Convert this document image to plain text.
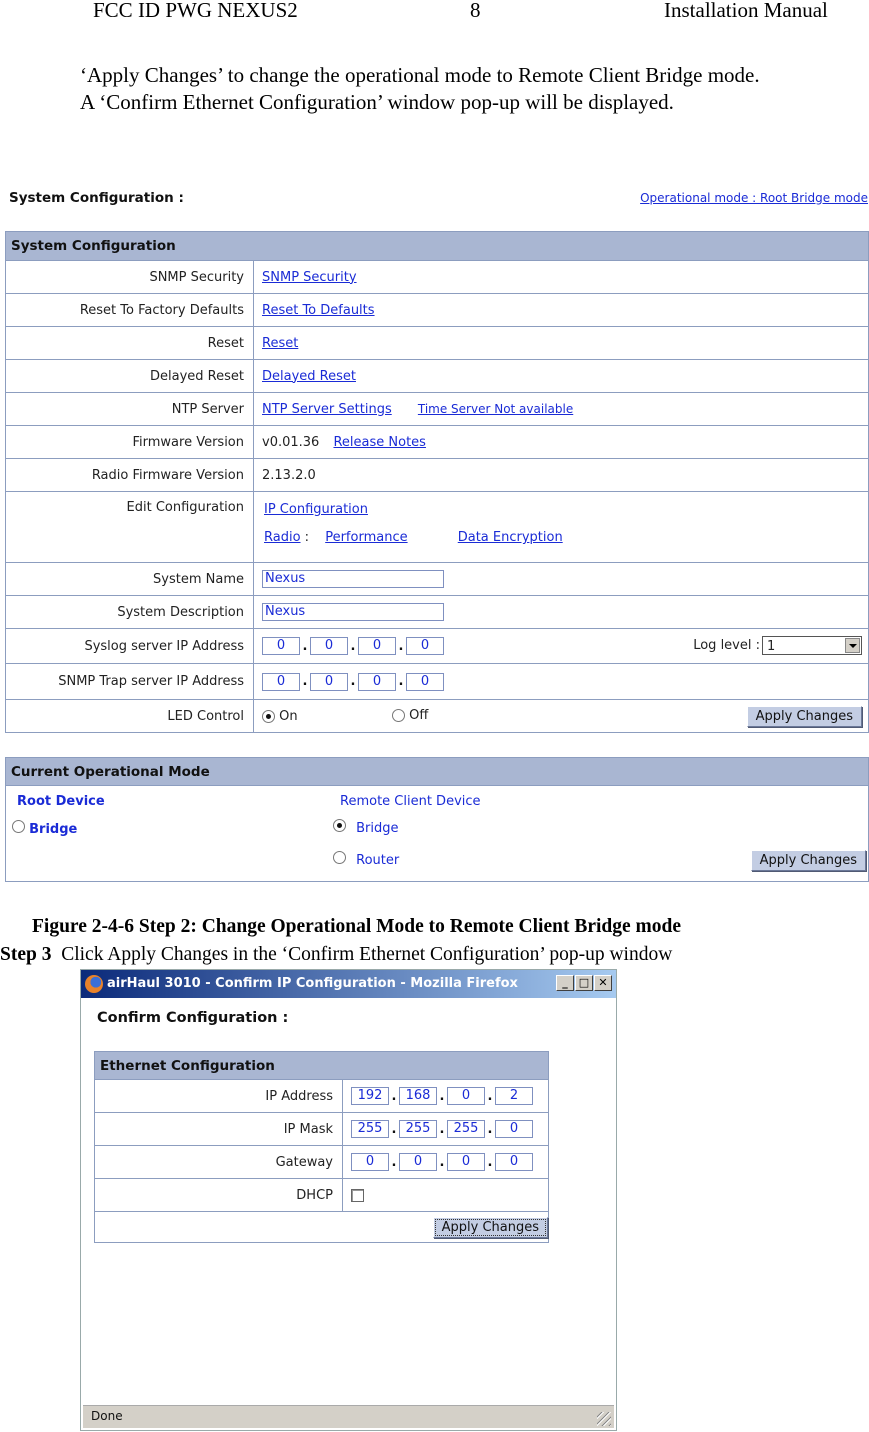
FCC ID PWG NEXUS2	8	Installation Manual
‘Apply Changes’ to change the operational mode to Remote Client Bridge mode.
A ‘Confirm Ethernet Configuration’ window pop-up will be displayed.
System Configuration :	Operational mode : Root Bridge mode
System Configuration	
SNMP Security	SNMP Security
Reset To Factory Defaults	Reset To Defaults
Reset	Reset
Delayed Reset	Delayed Reset
NTP Server	NTP Server Settings Time Server Not available
Firmware Version	v0.01.36 Release Notes
Radio Firmware Version	2.13.2.0
Edit Configuration	IP Configuration
Radio : Performance Data Encryption

System Name	Nexus
System Description	Nexus
Syslog server IP Address	0 . 0 . 0 . 0 Log level : 1

SNMP Trap server IP Address	0 . 0 . 0 . 0
LED Control	On Off Apply Changes
Current Operational Mode

Root Device
Bridge
Remote Client Device
Bridge
Router	Apply Changes
Figure 2-4-6 Step 2: Change Operational Mode to Remote Client Bridge mode
Step 3 Click Apply Changes in the ‘Confirm Ethernet Configuration’ pop-up window
airHaul 3010 - Confirm IP Configuration - Mozilla Firefox	_	□ ✕
Confirm Configuration :
Ethernet Configuration	
IP Address	192 . 168 . 0 . 2
IP Mask	255 . 255 . 255 . 0
Gateway	0 . 0 . 0 . 0
DHCP	
Apply Changes	
Done
